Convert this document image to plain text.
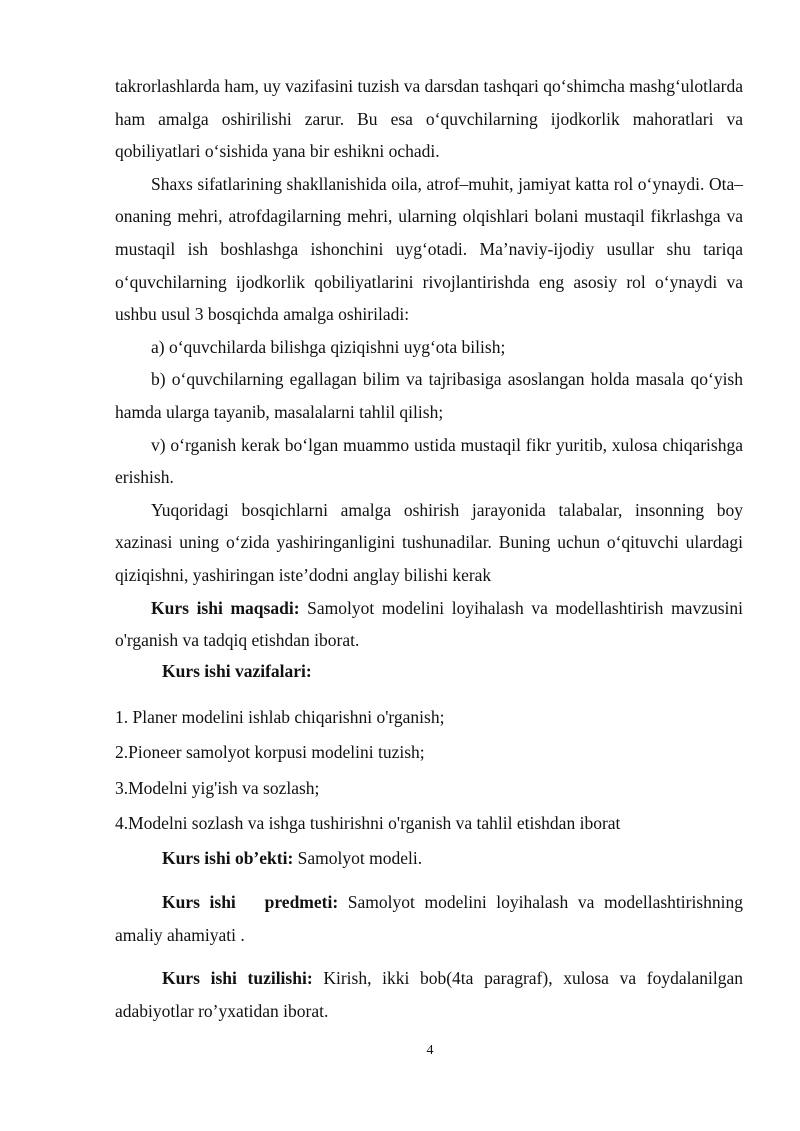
takrorlashlarda ham, uy vazifasini tuzish va darsdan tashqari qo‘shimcha mashg‘ulotlarda ham amalga oshirilishi zarur. Bu esa o‘quvchilarning ijodkorlik mahoratlari va qobiliyatlari o‘sishida yana bir eshikni ochadi.

Shaxs sifatlarining shakllanishida oila, atrof–muhit, jamiyat katta rol o‘ynaydi. Ota–onaning mehri, atrofdagilarning mehri, ularning olqishlari bolani mustaqil fikrlashga va mustaqil ish boshlashga ishonchini uyg‘otadi. Ma’naviy-ijodiy usullar shu tariqa o‘quvchilarning ijodkorlik qobiliyatlarini rivojlantirishda eng asosiy rol o‘ynaydi va ushbu usul 3 bosqichda amalga oshiriladi:

a) o‘quvchilarda bilishga qiziqishni uyg‘ota bilish;

b) o‘quvchilarning egallagan bilim va tajribasiga asoslangan holda masala qo‘yish hamda ularga tayanib, masalalarni tahlil qilish;

v) o‘rganish kerak bo‘lgan muammo ustida mustaqil fikr yuritib, xulosa chiqarishga erishish.

Yuqoridagi bosqichlarni amalga oshirish jarayonida talabalar, insonning boy xazinasi uning o‘zida yashiringanligini tushunadilar. Buning uchun o‘qituvchi ulardagi qiziqishni, yashiringan iste’dodni anglay bilishi kerak

Kurs ishi maqsadi: Samolyot modelini loyihalash va modellashtirish mavzusini o'rganish va tadqiq etishdan iborat.

Kurs ishi vazifalari:

1. Planer modelini ishlab chiqarishni o'rganish;

2.Pioneer samolyot korpusi modelini tuzish;

3.Modelni yig'ish va sozlash;

4.Modelni sozlash va ishga tushirishni o'rganish va tahlil etishdan iborat

Kurs ishi ob’ekti: Samolyot modeli.

Kurs ishi   predmeti: Samolyot modelini loyihalash va modellashtirishning amaliy ahamiyati .

Kurs ishi tuzilishi: Kirish, ikki bob(4ta paragraf), xulosa va foydalanilgan adabiyotlar ro’yxatidan iborat.

4
